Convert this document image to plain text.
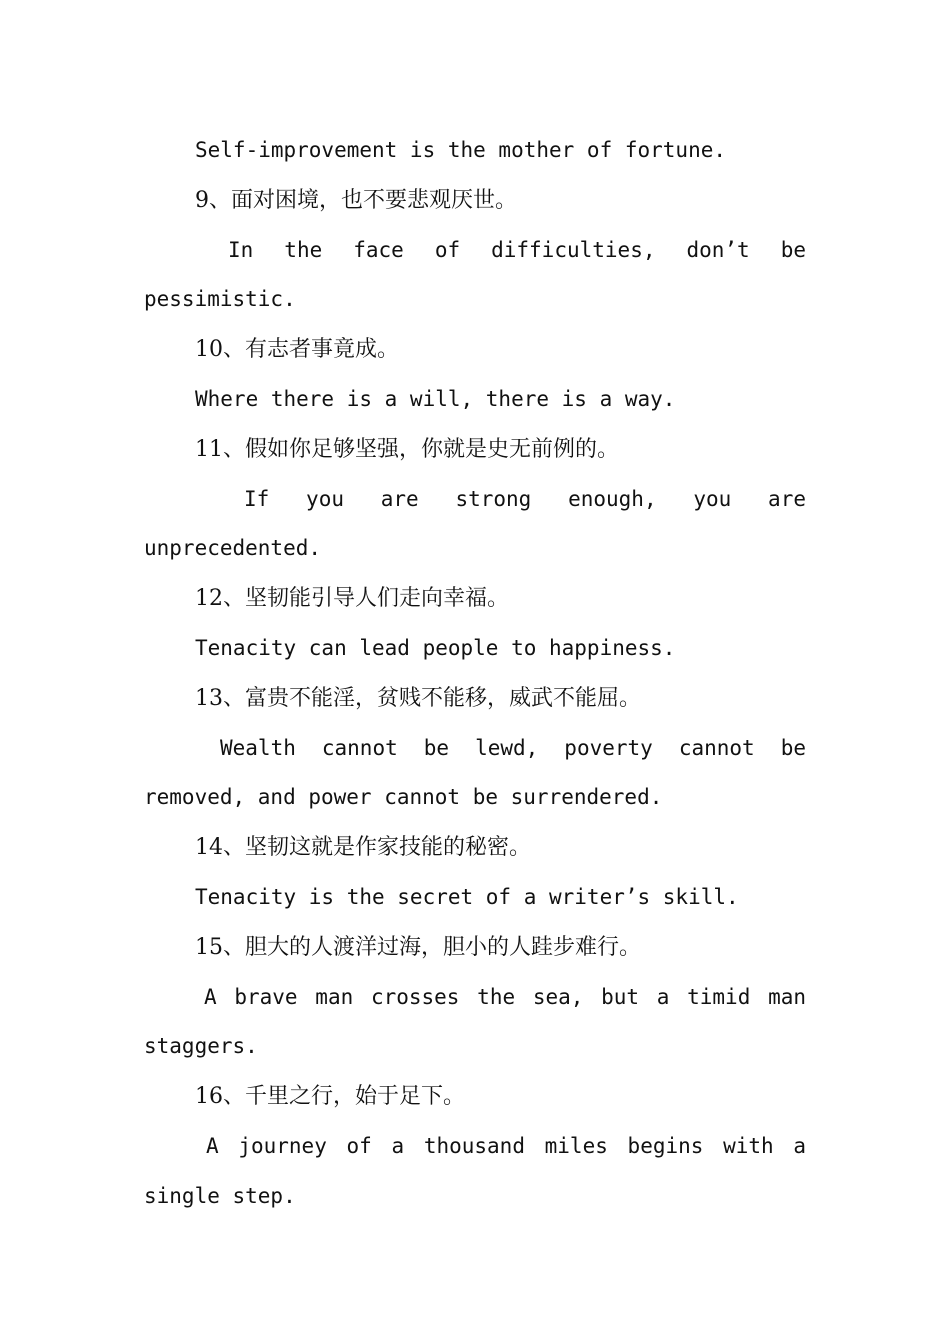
Self-improvement is the mother of fortune.
9、面对困境，也不要悲观厌世。
In the face of difficulties, don’t be
pessimistic.
10、有志者事竟成。
Where there is a will, there is a way.
11、假如你足够坚强，你就是史无前例的。
If you are strong enough, you are
unprecedented.
12、坚韧能引导人们走向幸福。
Tenacity can lead people to happiness.
13、富贵不能淫，贫贱不能移，威武不能屈。
Wealth cannot be lewd, poverty cannot be
removed, and power cannot be surrendered.
14、坚韧这就是作家技能的秘密。
Tenacity is the secret of a writer’s skill.
15、胆大的人渡洋过海，胆小的人跬步难行。
A brave man crosses the sea, but a timid man
staggers.
16、千里之行，始于足下。
A journey of a thousand miles begins with a
single step.
